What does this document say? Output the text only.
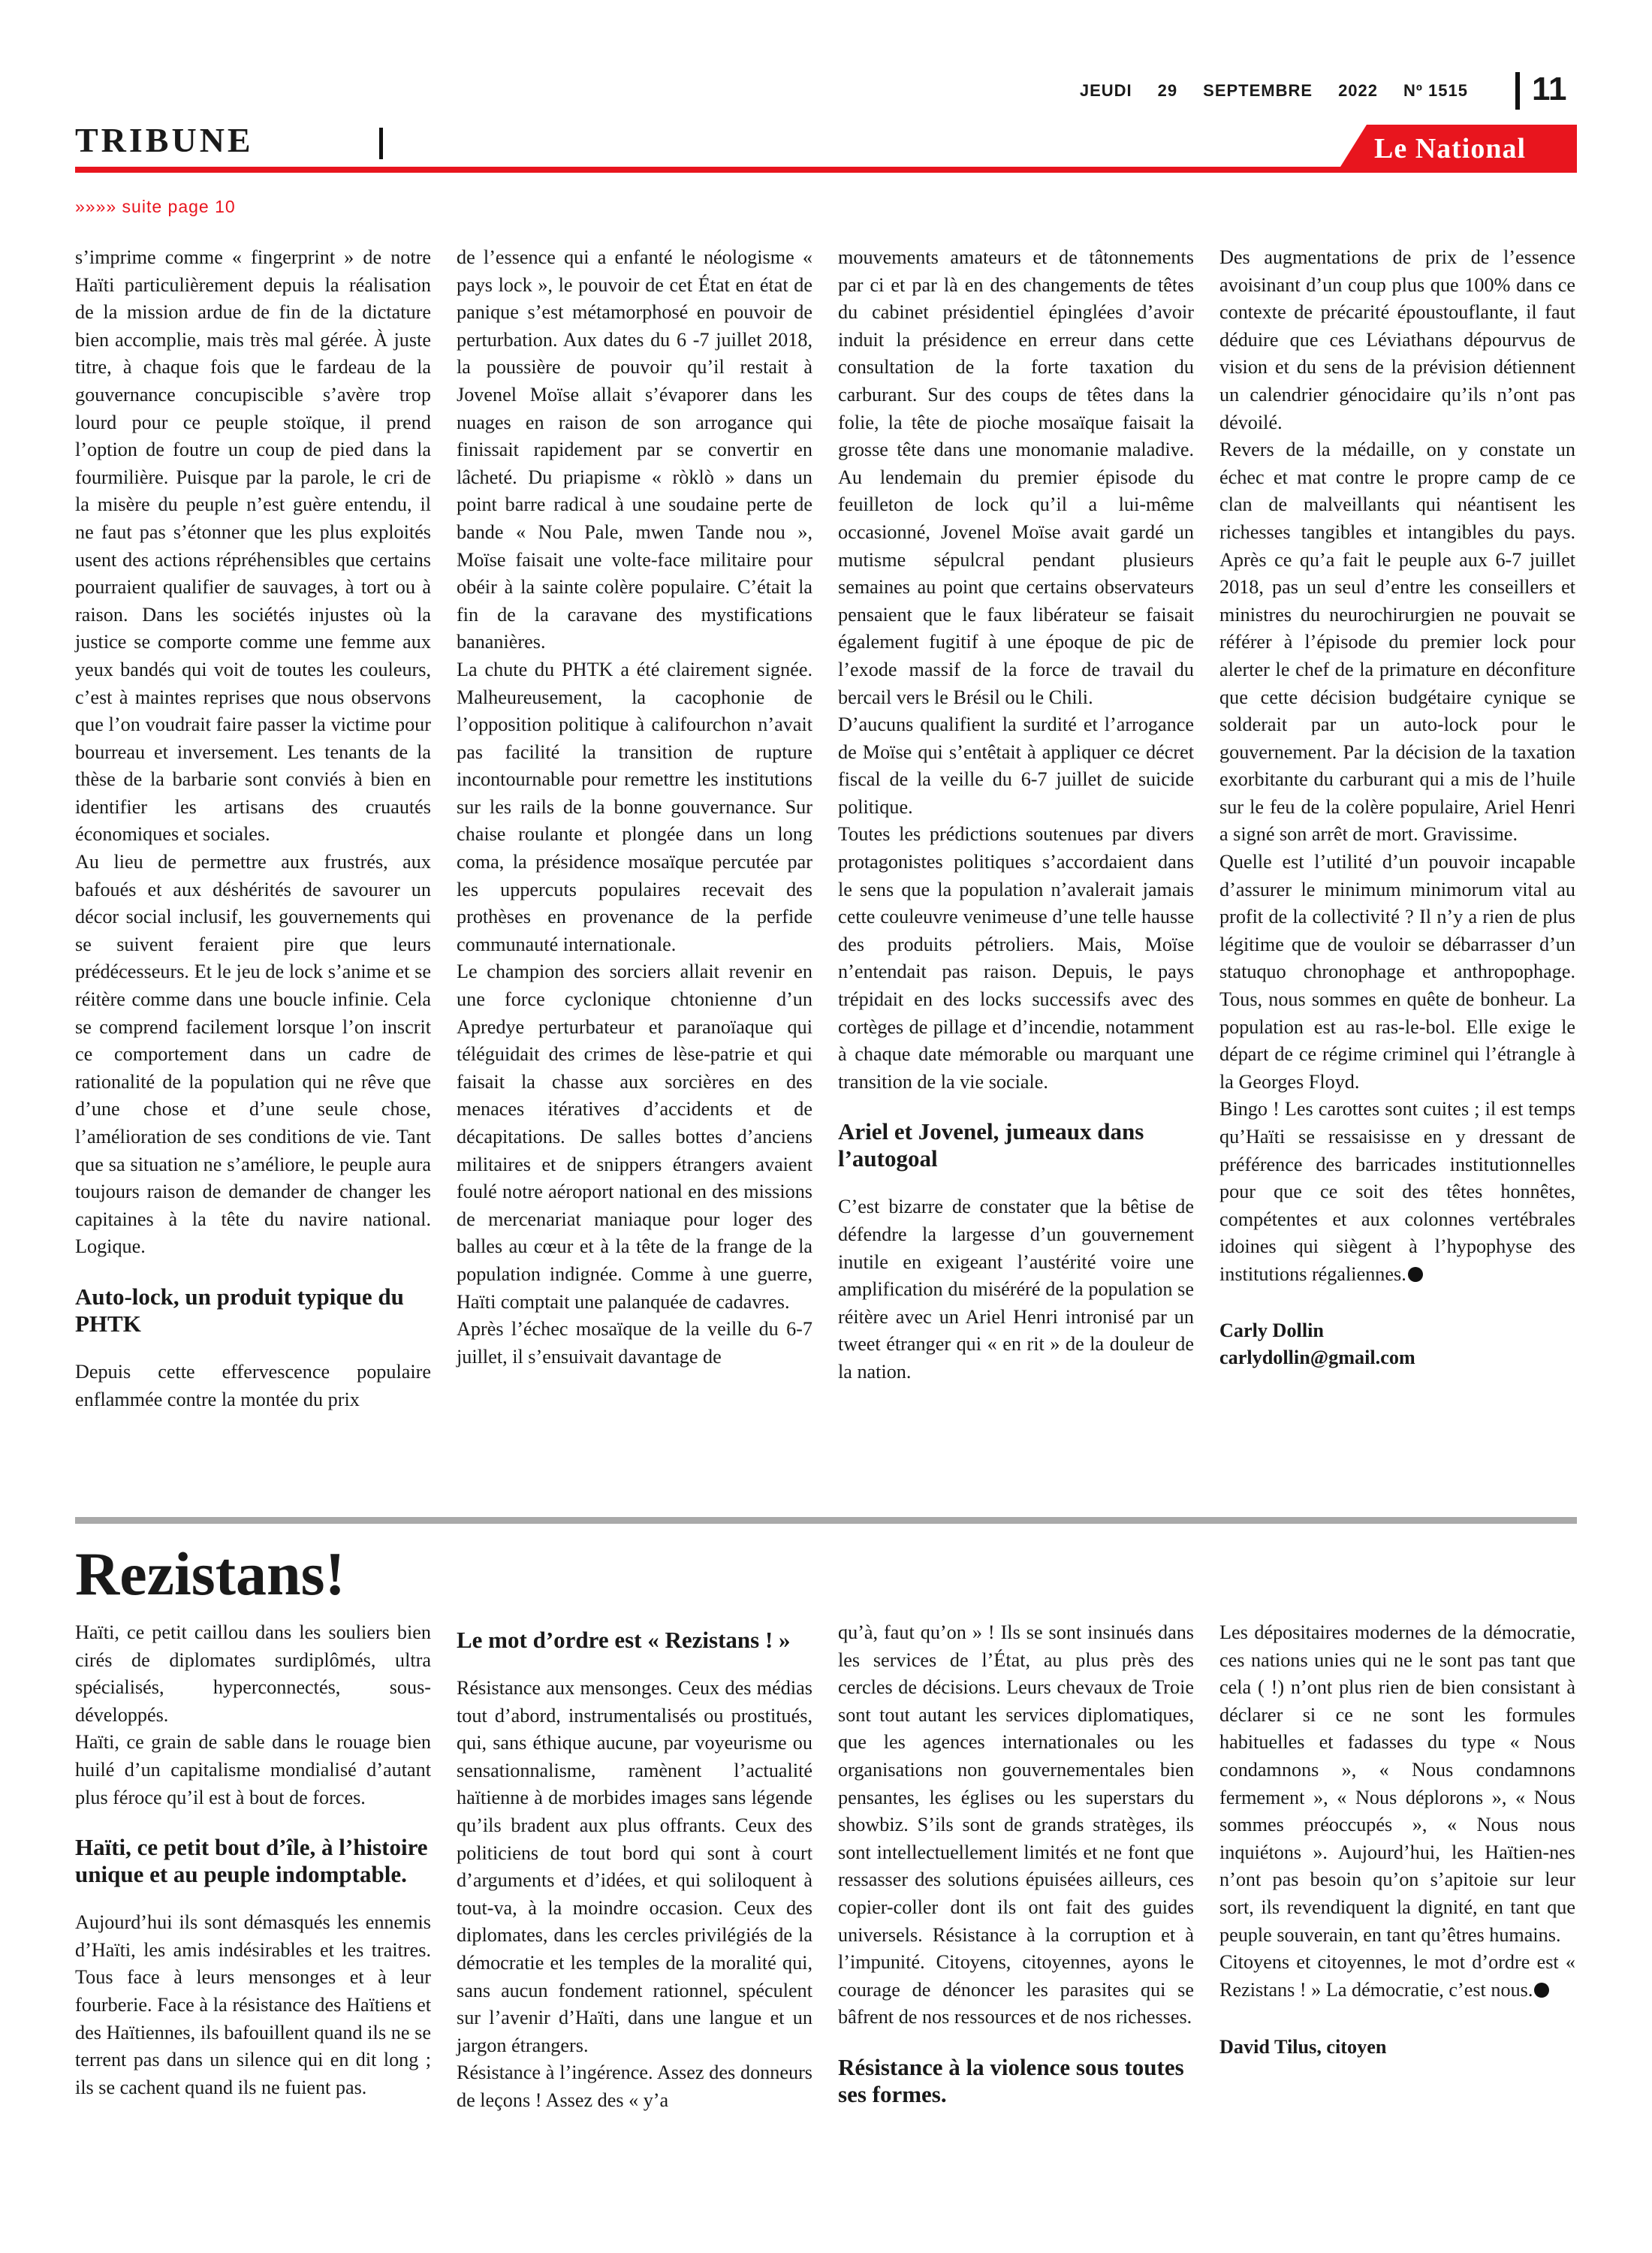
JEUDI 29 SEPTEMBRE 2022 Nº 1515 11
TRIBUNE	Le National
»»»» suite page 10

s’imprime comme « fingerprint » de notre Haïti particulièrement depuis la réalisation de la mission ardue de fin de la dictature bien accomplie, mais très mal gérée. À juste titre, à chaque fois que le fardeau de la gouvernance concupiscible s’avère trop lourd pour ce peuple stoïque, il prend l’option de foutre un coup de pied dans la fourmilière. Puisque par la parole, le cri de la misère du peuple n’est guère entendu, il ne faut pas s’étonner que les plus exploités usent des actions répréhensibles que certains pourraient qualifier de sauvages, à tort ou à raison. Dans les sociétés injustes où la justice se comporte comme une femme aux yeux bandés qui voit de toutes les couleurs, c’est à maintes reprises que nous observons que l’on voudrait faire passer la victime pour bourreau et inversement. Les tenants de la thèse de la barbarie sont conviés à bien en identifier les artisans des cruautés économiques et sociales.

Au lieu de permettre aux frustrés, aux bafoués et aux déshérités de savourer un décor social inclusif, les gouvernements qui se suivent feraient pire que leurs prédécesseurs. Et le jeu de lock s’anime et se réitère comme dans une boucle infinie. Cela se comprend facilement lorsque l’on inscrit ce comportement dans un cadre de rationalité de la population qui ne rêve que d’une chose et d’une seule chose, l’amélioration de ses conditions de vie. Tant que sa situation ne s’améliore, le peuple aura toujours raison de demander de changer les capitaines à la tête du navire national. Logique.

Auto-lock, un produit typique du PHTK

Depuis cette effervescence populaire enflammée contre la montée du prix

de l’essence qui a enfanté le néologisme « pays lock », le pouvoir de cet État en état de panique s’est métamorphosé en pouvoir de perturbation. Aux dates du 6 -7 juillet 2018, la poussière de pouvoir qu’il restait à Jovenel Moïse allait s’évaporer dans les nuages en raison de son arrogance qui finissait rapidement par se convertir en lâcheté. Du priapisme « ròklò » dans un point barre radical à une soudaine perte de bande « Nou Pale, mwen Tande nou », Moïse faisait une volte-face militaire pour obéir à la sainte colère populaire. C’était la fin de la caravane des mystifications bananières.

La chute du PHTK a été clairement signée. Malheureusement, la cacophonie de l’opposition politique à califourchon n’avait pas facilité la transition de rupture incontournable pour remettre les institutions sur les rails de la bonne gouvernance. Sur chaise roulante et plongée dans un long coma, la présidence mosaïque percutée par les uppercuts populaires recevait des prothèses en provenance de la perfide communauté internationale.

Le champion des sorciers allait revenir en une force cyclonique chtonienne d’un Apredye perturbateur et paranoïaque qui téléguidait des crimes de lèse-patrie et qui faisait la chasse aux sorcières en des menaces itératives d’accidents et de décapitations. De salles bottes d’anciens militaires et de snippers étrangers avaient foulé notre aéroport national en des missions de mercenariat maniaque pour loger des balles au cœur et à la tête de la frange de la population indignée. Comme à une guerre, Haïti comptait une palanquée de cadavres.

Après l’échec mosaïque de la veille du 6-7 juillet, il s’ensuivait davantage de

mouvements amateurs et de tâtonnements par ci et par là en des changements de têtes du cabinet présidentiel épinglées d’avoir induit la présidence en erreur dans cette consultation de la forte taxation du carburant. Sur des coups de têtes dans la folie, la tête de pioche mosaïque faisait la grosse tête dans une monomanie maladive. Au lendemain du premier épisode du feuilleton de lock qu’il a lui-même occasionné, Jovenel Moïse avait gardé un mutisme sépulcral pendant plusieurs semaines au point que certains observateurs pensaient que le faux libérateur se faisait également fugitif à une époque de pic de l’exode massif de la force de travail du bercail vers le Brésil ou le Chili.

D’aucuns qualifient la surdité et l’arrogance de Moïse qui s’entêtait à appliquer ce décret fiscal de la veille du 6-7 juillet de suicide politique.

Toutes les prédictions soutenues par divers protagonistes politiques s’accordaient dans le sens que la population n’avalerait jamais cette couleuvre venimeuse d’une telle hausse des produits pétroliers. Mais, Moïse n’entendait pas raison. Depuis, le pays trépidait en des locks successifs avec des cortèges de pillage et d’incendie, notamment à chaque date mémorable ou marquant une transition de la vie sociale.

Ariel et Jovenel, jumeaux dans l’autogoal

C’est bizarre de constater que la bêtise de défendre la largesse d’un gouvernement inutile en exigeant l’austérité voire une amplification du miséréré de la population se réitère avec un Ariel Henri intronisé par un tweet étranger qui « en rit » de la douleur de la nation.

Des augmentations de prix de l’essence avoisinant d’un coup plus que 100% dans ce contexte de précarité époustouflante, il faut déduire que ces Léviathans dépourvus de vision et du sens de la prévision détiennent un calendrier génocidaire qu’ils n’ont pas dévoilé.

Revers de la médaille, on y constate un échec et mat contre le propre camp de ce clan de malveillants qui néantisent les richesses tangibles et intangibles du pays. Après ce qu’a fait le peuple aux 6-7 juillet 2018, pas un seul d’entre les conseillers et ministres du neurochirurgien ne pouvait se référer à l’épisode du premier lock pour alerter le chef de la primature en déconfiture que cette décision budgétaire cynique se solderait par un auto-lock pour le gouvernement. Par la décision de la taxation exorbitante du carburant qui a mis de l’huile sur le feu de la colère populaire, Ariel Henri a signé son arrêt de mort. Gravissime.

Quelle est l’utilité d’un pouvoir incapable d’assurer le minimum minimorum vital au profit de la collectivité ? Il n’y a rien de plus légitime que de vouloir se débarrasser d’un statuquo chronophage et anthropophage. Tous, nous sommes en quête de bonheur. La population est au ras-le-bol. Elle exige le départ de ce régime criminel qui l’étrangle à la Georges Floyd.

Bingo ! Les carottes sont cuites ; il est temps qu’Haïti se ressaisisse en y dressant de préférence des barricades institutionnelles pour que ce soit des têtes honnêtes, compétentes et aux colonnes vertébrales idoines qui siègent à l’hypophyse des institutions régaliennes.

Carly Dollin

carlydollin@gmail.com

Rezistans!

Haïti, ce petit caillou dans les souliers bien cirés de diplomates surdiplômés, ultra spécialisés, hyperconnectés, sous-développés.

Haïti, ce grain de sable dans le rouage bien huilé d’un capitalisme mondialisé d’autant plus féroce qu’il est à bout de forces.

Haïti, ce petit bout d’île, à l’histoire unique et au peuple indomptable.

Aujourd’hui ils sont démasqués les ennemis d’Haïti, les amis indésirables et les traitres. Tous face à leurs mensonges et à leur fourberie. Face à la résistance des Haïtiens et des Haïtiennes, ils bafouillent quand ils ne se terrent pas dans un silence qui en dit long ; ils se cachent quand ils ne fuient pas.

Le mot d’ordre est « Rezistans ! »

Résistance aux mensonges. Ceux des médias tout d’abord, instrumentalisés ou prostitués, qui, sans éthique aucune, par voyeurisme ou sensationnalisme, ramènent l’actualité haïtienne à de morbides images sans légende qu’ils bradent aux plus offrants. Ceux des politiciens de tout bord qui sont à court d’arguments et d’idées, et qui soliloquent à tout-va, à la moindre occasion. Ceux des diplomates, dans les cercles privilégiés de la démocratie et les temples de la moralité qui, sans aucun fondement rationnel, spéculent sur l’avenir d’Haïti, dans une langue et un jargon étrangers.

Résistance à l’ingérence. Assez des donneurs de leçons ! Assez des « y’a

qu’à, faut qu’on » ! Ils se sont insinués dans les services de l’État, au plus près des cercles de décisions. Leurs chevaux de Troie sont tout autant les services diplomatiques, que les agences internationales ou les organisations non gouvernementales bien pensantes, les églises ou les superstars du showbiz. S’ils sont de grands stratèges, ils sont intellectuellement limités et ne font que ressasser des solutions épuisées ailleurs, ces copier-coller dont ils ont fait des guides universels. Résistance à la corruption et à l’impunité. Citoyens, citoyennes, ayons le courage de dénoncer les parasites qui se bâfrent de nos ressources et de nos richesses.

Résistance à la violence sous toutes ses formes.

Les dépositaires modernes de la démocratie, ces nations unies qui ne le sont pas tant que cela ( !) n’ont plus rien de bien consistant à déclarer si ce ne sont les formules habituelles et fadasses du type « Nous condamnons », « Nous condamnons fermement », « Nous déplorons », « Nous sommes préoccupés », « Nous nous inquiétons ». Aujourd’hui, les Haïtien-nes n’ont pas besoin qu’on s’apitoie sur leur sort, ils revendiquent la dignité, en tant que peuple souverain, en tant qu’êtres humains.

Citoyens et citoyennes, le mot d’ordre est « Rezistans ! » La démocratie, c’est nous.

David Tilus, citoyen
